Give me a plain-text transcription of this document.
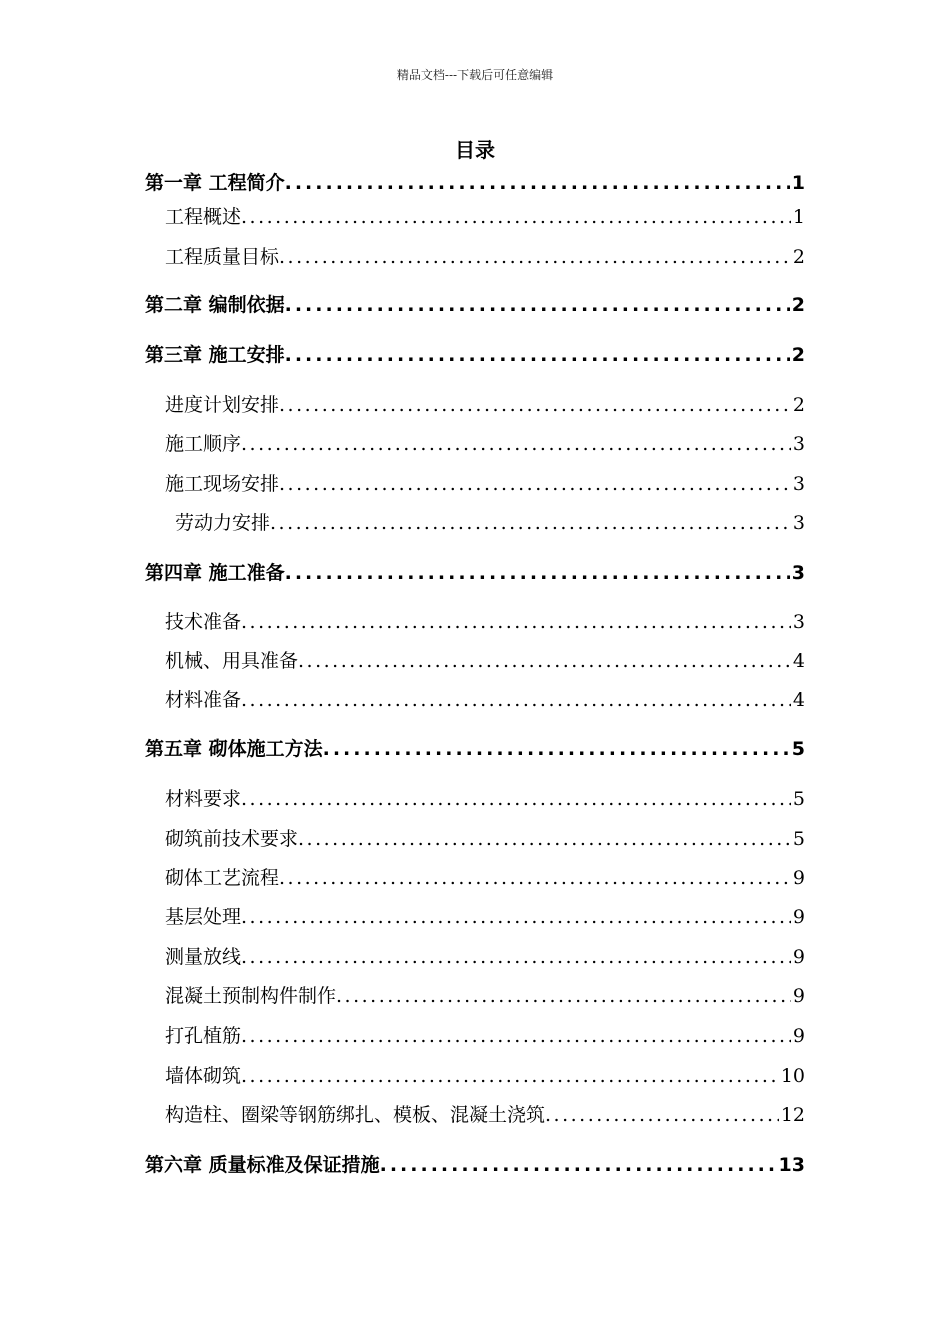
精品文档---下载后可任意编辑
目录
第一章 工程简介 .....	1
工程概述 .....	1
工程质量目标 .....	2
第二章 编制依据 .....	2
第三章 施工安排 .....	2
进度计划安排 .....	2
施工顺序 .....	3
施工现场安排 .....	3
劳动力安排 .....	3
第四章 施工准备 .....	3
技术准备 .....	3
机械、用具准备 .....	4
材料准备 .....	4
第五章 砌体施工方法 .....	5
材料要求 .....	5
砌筑前技术要求 .....	5
砌体工艺流程 .....	9
基层处理 .....	9
测量放线 .....	9
混凝土预制构件制作 .....	9
打孔植筋 .....	9
墙体砌筑 .....	10
构造柱、圈梁等钢筋绑扎、模板、混凝土浇筑 .....	12
第六章 质量标准及保证措施 .....	13
